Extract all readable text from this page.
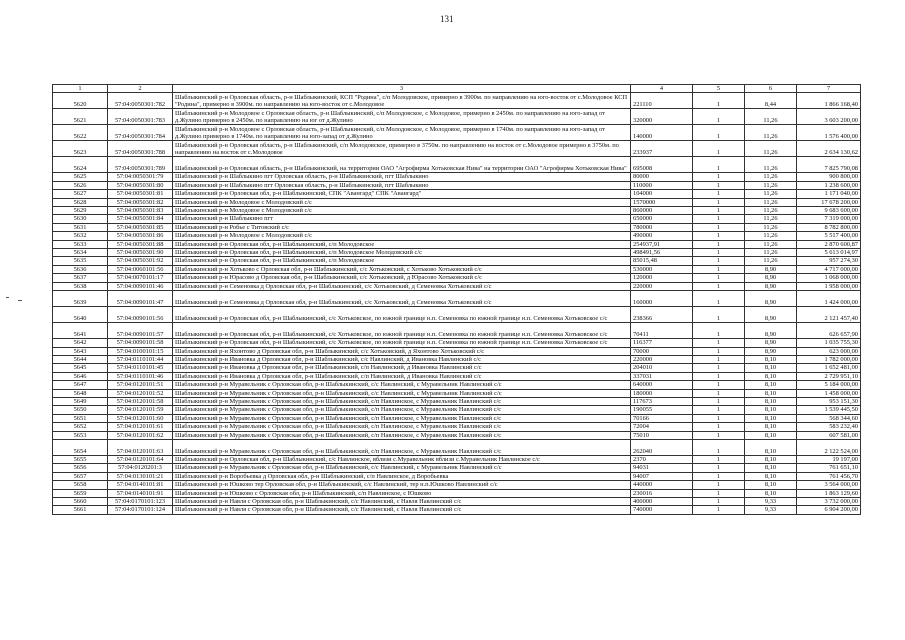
131
1	2	3	4	5	6	7
5620	57:04:0050301:782	Шаблыкинский р-н Орловская область, р-н Шаблыкинский, КСП "Родина", с/п Молодовское, примерно в 3900м. по направлению на юго-восток от с.Молодовое КСП "Родина", примерно в 3900м. по направлению на юго-восток от с.Молодовое	221110	1	8,44	1 866 168,40
5621	57:04:0050301:783	Шаблыкинский р-н Молодовое с Орловская область, р-н Шаблыкинский, с/п Молодовское, с Молодовое, примерно в 2450м. по направлению на юго-запад от д.Жулино примерно в 2450м. по направлению на юг от д.Жулино	320000	1	11,26	3 603 200,00
5622	57:04:0050301:784	Шаблыкинский р-н Молодовое с Орловская область, р-н Шаблыкинский, с/п Молодовское, с Молодовое, примерно в 1740м. по направлению на юго-запад от д.Жулино примерно в 1740м. по направлению на юго-запад от д.Жулино	140000	1	11,26	1 576 400,00
5623	57:04:0050301:788	Шаблыкинский р-н Орловская область, р-н Шаблыкинский, с/п Молодовское, примерно в 3750м. по направлению на восток от с.Молодовое примерно в 3750м. по направлению на восток от с.Молодовое	233937	1	11,26	2 634 130,62
5624	57:04:0050301:789	Шаблыкинский р-н Орловская область, р-н Шаблыкинский, на территории ОАО "Агрофирма Хотьковская Нива" на территории ОАО "Агрофирма Хотьковская Нива"	695008	1	11,26	7 825 790,08
5625	57:04:0050301:79	Шаблыкинский р-н Шаблыкино пгт Орловская область, р-н Шаблыкинский, пгт Шаблыкино	80000	1	11,26	900 800,00
5626	57:04:0050301:80	Шаблыкинский р-н Шаблыкино пгт Орловская область, р-н Шаблыкинский, пгт Шаблыкино	110000	1	11,26	1 238 600,00
5627	57:04:0050301:81	Шаблыкинский р-н Орловская обл, р-н Шаблыкинский, СПК "Авангард" СПК "Авангард"	104000	1	11,26	1 171 040,00
5628	57:04:0050301:82	Шаблыкинский р-н Молодовое с Молодовский с/с	1570000	1	11,26	17 678 200,00
5629	57:04:0050301:83	Шаблыкинский р-н Молодовое с Молодовский с/с	860000	1	11,26	9 683 600,00
5630	57:04:0050301:84	Шаблыкинский р-н Шаблыкино пгт	650000	1	11,26	7 319 000,00
5631	57:04:0050301:85	Шаблыкинский р-н Робье с Титовский с/с	780000	1	11,26	8 782 800,00
5632	57:04:0050301:86	Шаблыкинский р-н Молодовое с Молодовский с/с	490000	1	11,26	5 517 400,00
5633	57:04:0050301:88	Шаблыкинский р-н Орловская обл, р-н Шаблыкинский, с/п Молодовское	254937,91	1	11,26	2 870 600,87
5634	57:04:0050301:90	Шаблыкинский р-н Орловская обл, р-н Шаблыкинский, с/п Молодовское Молодовский с/с	498491,56	1	11,26	5 613 014,97
5635	57:04:0050301:92	Шаблыкинский р-н Орловская обл, р-н Шаблыкинский, с/п Молодовское	85015,48	1	11,26	957 274,30
5636	57:04:0060101:56	Шаблыкинский р-н Хотьково с Орловская обл, р-н Шаблыкинский, с/с Хотьковский, с Хотьково Хотьковский с/с	530000	1	8,90	4 717 000,00
5637	57:04:0070101:17	Шаблыкинский р-н Юрасово д Орловская обл, р-н Шаблыкинский, с/с Хотьковский, д Юрасово Хотьковский с/с	120000	1	8,90	1 068 000,00
5638	57:04:0090101:46	Шаблыкинский р-н Семеновка д Орловская обл, р-н Шаблыкинский, с/с Хотьковский, д Семеновка Хотьковский с/с	220000	1	8,90	1 958 000,00
5639	57:04:0090101:47	Шаблыкинский р-н Семеновка д Орловская обл, р-н Шаблыкинский, с/с Хотьковский, д Семеновка Хотьковский с/с	160000	1	8,90	1 424 000,00
5640	57:04:0090101:56	Шаблыкинский р-н Орловская обл, р-н Шаблыкинский, с/с Хотьковское, по южной границе н.п. Семеновка по южной границе н.п. Семеновка Хотьковское с/с	238366	1	8,90	2 121 457,40
5641	57:04:0090101:57	Шаблыкинский р-н Орловская обл, р-н Шаблыкинский, с/с Хотьковское, по южной границе н.п. Семеновка по южной границе н.п. Семеновка Хотьковское с/с	70411	1	8,90	626 657,90
5642	57:04:0090101:58	Шаблыкинский р-н Орловская обл, р-н Шаблыкинский, с/с Хотьковское, по южной границе н.п. Семеновка по южной границе н.п. Семеновка Хотьковское с/с	116377	1	8,90	1 035 755,30
5643	57:04:0100101:15	Шаблыкинский р-н Яхонтово д Орловская обл, р-н Шаблыкинский, с/с Хотьковский, д Яхонтово Хотьковский с/с	70000	1	8,90	623 000,00
5644	57:04:0110101:44	Шаблыкинский р-н Ивановка д Орловская обл, р-н Шаблыкинский, с/с Навлинский, д Ивановка Навлинский с/с	220000	1	8,10	1 782 000,00
5645	57:04:0110101:45	Шаблыкинский р-н Ивановка д Орловская обл, р-н Шаблыкинский, с/п Навлинский, д Ивановка Навлинский с/с	204010	1	8,10	1 652 481,00
5646	57:04:0110101:46	Шаблыкинский р-н Ивановка д Орловская обл, р-н Шаблыкинский, с/п Навлинский, д Ивановка Навлинский с/с	337031	1	8,10	2 729 951,10
5647	57:04:0120101:51	Шаблыкинский р-н Муравельник с Орловская обл, р-н Шаблыкинский, с/с Навлинский, с Муравельник Навлинский с/с	640000	1	8,10	5 184 000,00
5648	57:04:0120101:52	Шаблыкинский р-н Муравельник с Орловская обл, р-н Шаблыкинский, с/с Навлинский, с Муравельник Навлинский с/с	180000	1	8,10	1 458 000,00
5649	57:04:0120101:58	Шаблыкинский р-н Муравельник с Орловская обл, р-н Шаблыкинский, с/п Навлинское, с Муравельник Навлинский с/с	117673	1	8,10	953 151,30
5650	57:04:0120101:59	Шаблыкинский р-н Муравельник с Орловская обл, р-н Шаблыкинский, с/п Навлинское, с Муравельник Навлинский с/с	190055	1	8,10	1 539 445,50
5651	57:04:0120101:60	Шаблыкинский р-н Муравельник с Орловская обл, р-н Шаблыкинский, с/п Навлинское, с Муравельник Навлинский с/с	70166	1	8,10	568 344,60
5652	57:04:0120101:61	Шаблыкинский р-н Муравельник с Орловская обл, р-н Шаблыкинский, с/п Навлинское, с Муравельник Навлинский с/с	72004	1	8,10	583 232,40
5653	57:04:0120101:62	Шаблыкинский р-н Муравельник с Орловская обл, р-н Шаблыкинский, с/п Навлинское, с Муравельник Навлинский с/с	75010	1	8,10	607 581,00
5654	57:04:0120101:63	Шаблыкинский р-н Муравельник с Орловская обл, р-н Шаблыкинский, с/п Навлинское, с Муравельник Навлинский с/с	262040	1	8,10	2 122 524,00
5655	57:04:0120101:64	Шаблыкинский р-н Орловская обл, р-н Шаблыкинский, с/с Навлинское, вблизи с.Муравельник вблизи с.Муравельник Навлинское с/с	2370	1	8,10	19 197,00
5656	57:04:0120201:3	Шаблыкинский р-н Муравельник с Орловская обл, р-н Шаблыкинский, с/с Навлинский, с Муравельник Навлинский с/с	94031	1	8,10	761 651,10
5657	57:04:0130101:21	Шаблыкинский р-н Воробьевка д Орловская обл, р-н Шаблыкинский, с/п Навлинское, д Воробьевка	94007	1	8,10	761 456,70
5658	57:04:0140101:81	Шаблыкинский р-н Юшково тер Орловская обл, р-н Шаблыкинский, с/с Навлинский, тер н.п.Юшково Навлинский с/с	440000	1	8,10	3 564 000,00
5659	57:04:0140101:91	Шаблыкинский р-н Юшково с Орловская обл, р-н Шаблыкинский, с/п Навлинское, с Юшково	230016	1	8,10	1 863 129,60
5660	57:04:0170101:123	Шаблыкинский р-н Навля с Орловская обл, р-н Шаблыкинский, с/с Навлинский, с Навля Навлинский с/с	400000	1	9,33	3 732 000,00
5661	57:04:0170101:124	Шаблыкинский р-н Навля с Орловская обл, р-н Шаблыкинский, с/с Навлинский, с Навля Навлинский с/с	740000	1	9,33	6 904 200,00
